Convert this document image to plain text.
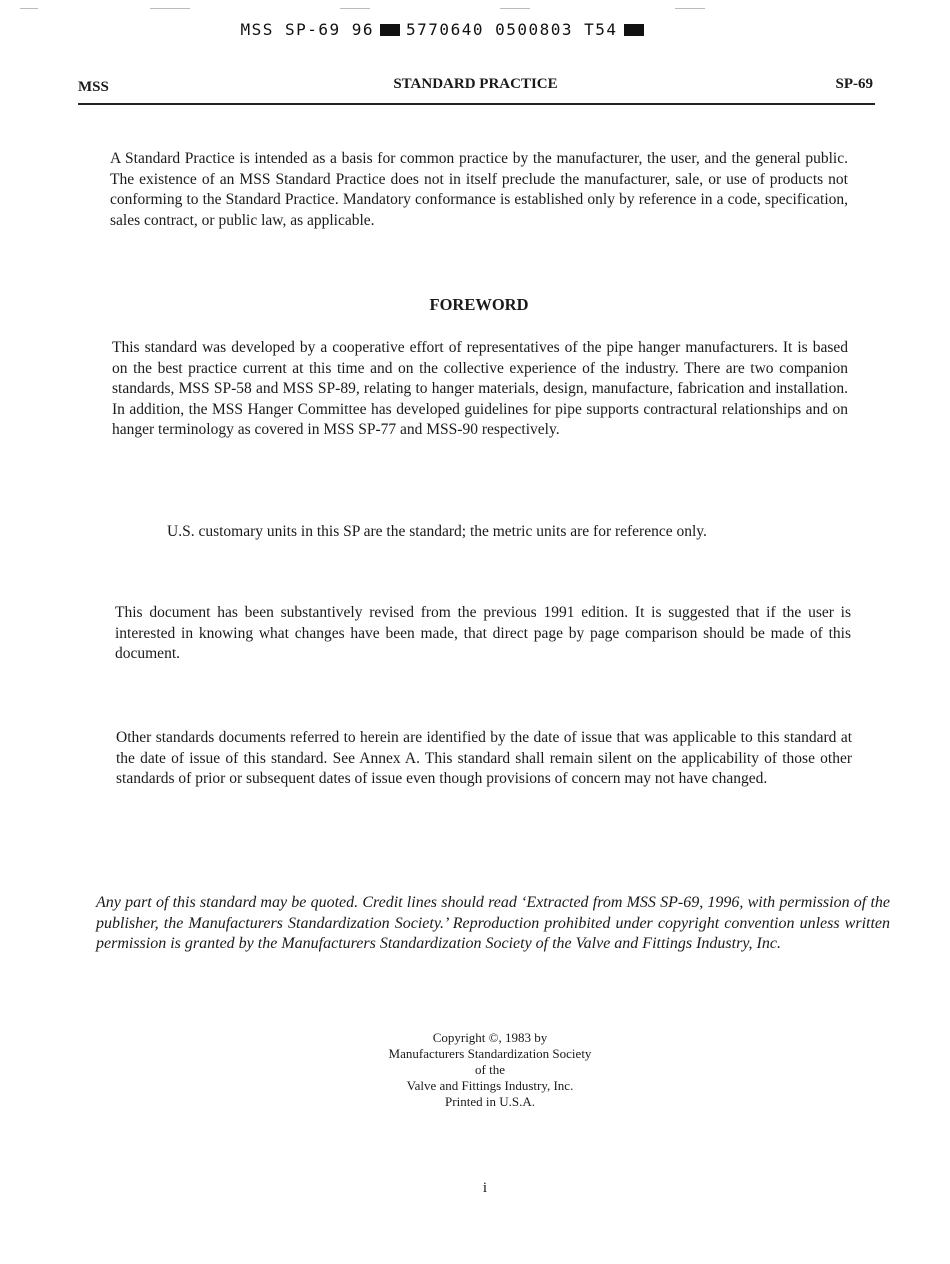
MSS SP-69 96 5770640 0500803 T54
MSS	STANDARD PRACTICE	SP-69

A Standard Practice is intended as a basis for common practice by the manufacturer, the user, and the general public. The existence of an MSS Standard Practice does not in itself preclude the manufacturer, sale, or use of products not conforming to the Standard Practice. Mandatory conformance is established only by reference in a code, specification, sales contract, or public law, as applicable.

FOREWORD

This standard was developed by a cooperative effort of representatives of the pipe hanger manufacturers. It is based on the best practice current at this time and on the collective experience of the industry. There are two companion standards, MSS SP-58 and MSS SP-89, relating to hanger materials, design, manufacture, fabrication and installation. In addition, the MSS Hanger Committee has developed guidelines for pipe supports contractural relationships and on hanger terminology as covered in MSS SP-77 and MSS-90 respectively.

U.S. customary units in this SP are the standard; the metric units are for reference only.

This document has been substantively revised from the previous 1991 edition. It is suggested that if the user is interested in knowing what changes have been made, that direct page by page comparison should be made of this document.

Other standards documents referred to herein are identified by the date of issue that was applicable to this standard at the date of issue of this standard. See Annex A. This standard shall remain silent on the applicability of those other standards of prior or subsequent dates of issue even though provisions of concern may not have changed.

Any part of this standard may be quoted. Credit lines should read ‘Extracted from MSS SP-69, 1996, with permission of the publisher, the Manufacturers Standardization Society.’ Reproduction prohibited under copyright convention unless written permission is granted by the Manufacturers Standardization Society of the Valve and Fittings Industry, Inc.

Copyright ©, 1983 by
Manufacturers Standardization Society
of the
Valve and Fittings Industry, Inc.
Printed in U.S.A.
i
